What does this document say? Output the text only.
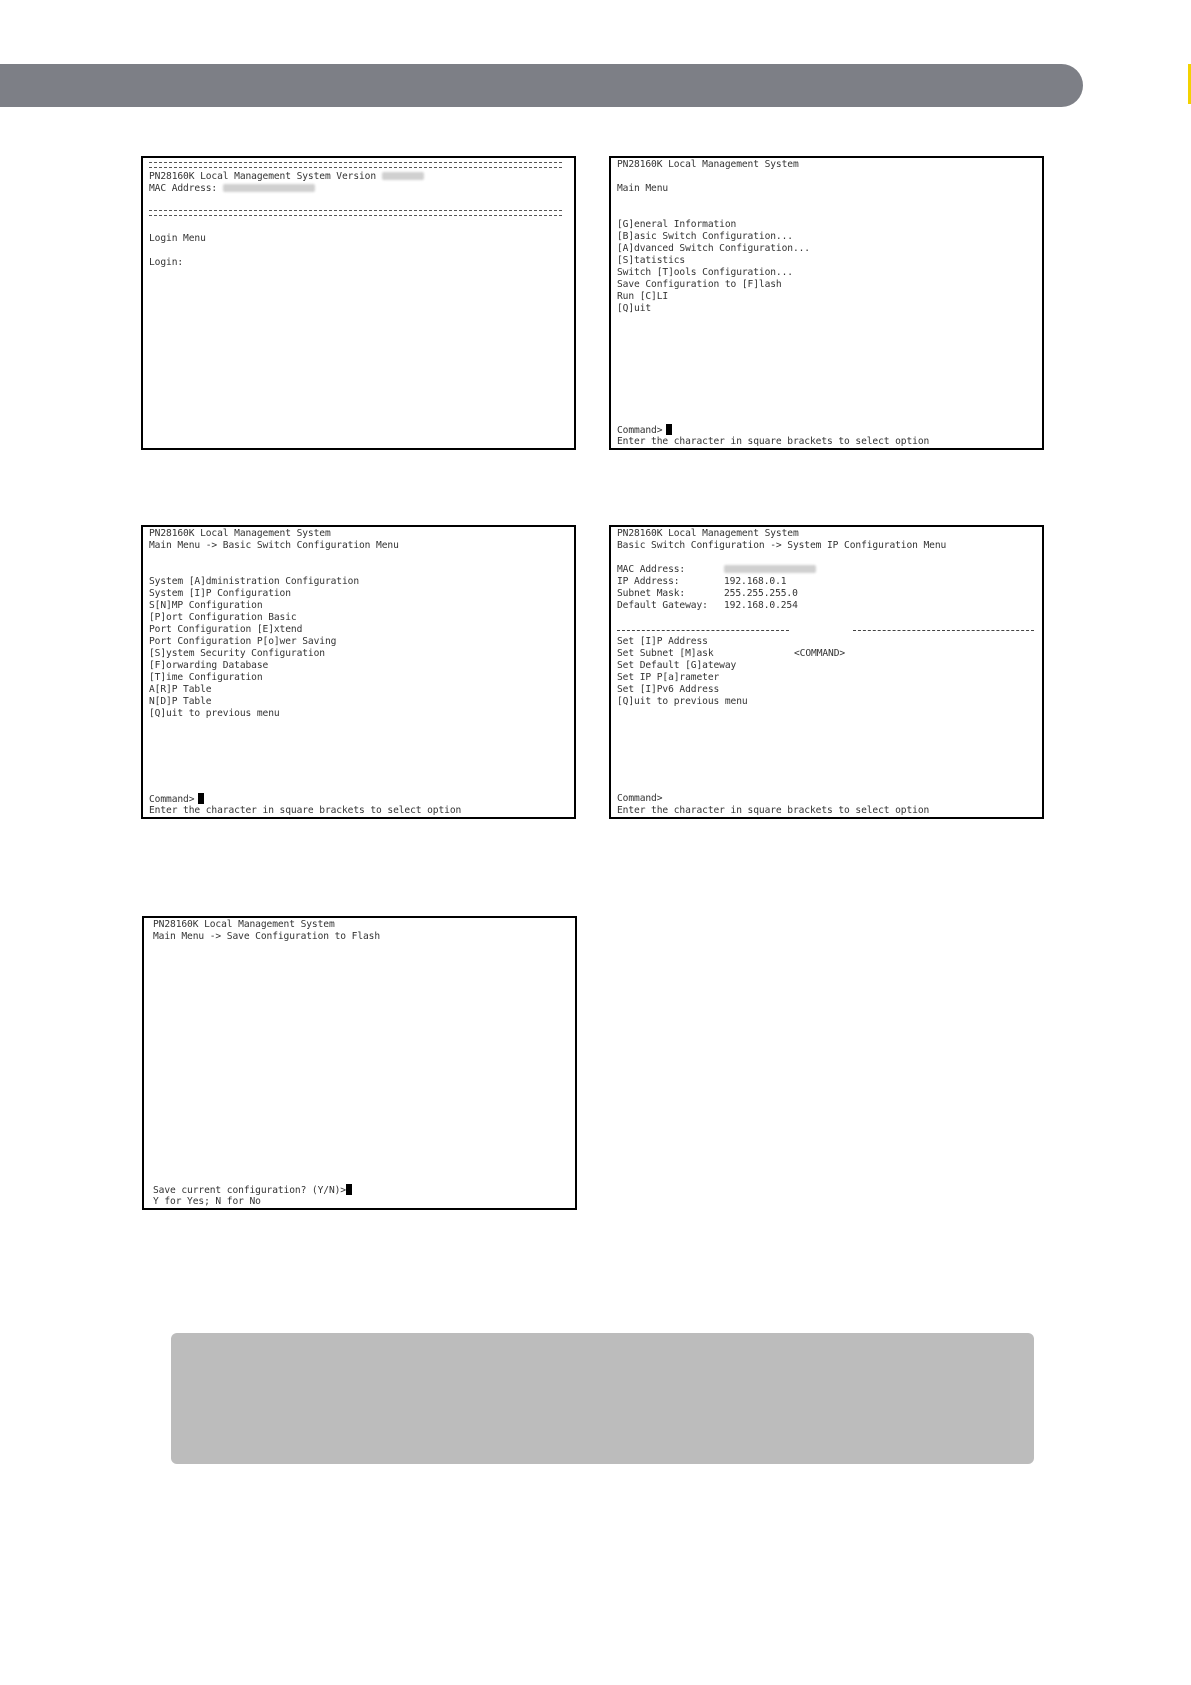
PN28160K Local Management System Version
MAC Address:
Login Menu
Login:
PN28160K Local Management System
Main Menu
[G]eneral Information
[B]asic Switch Configuration...
[A]dvanced Switch Configuration...
[S]tatistics
Switch [T]ools Configuration...
Save Configuration to [F]lash
Run [C]LI
[Q]uit
Command>
Enter the character in square brackets to select option
PN28160K Local Management System
Main Menu -> Basic Switch Configuration Menu
System [A]dministration Configuration
System [I]P Configuration
S[N]MP Configuration
[P]ort Configuration Basic
Port Configuration [E]xtend
Port Configuration P[o]wer Saving
[S]ystem Security Configuration
[F]orwarding Database
[T]ime Configuration
A[R]P Table
N[D]P Table
[Q]uit to previous menu
Command>
Enter the character in square brackets to select option
PN28160K Local Management System
Basic Switch Configuration -> System IP Configuration Menu
MAC Address:
IP Address:	192.168.0.1
Subnet Mask:	255.255.255.0
Default Gateway: 192.168.0.254

<COMMAND>

Set [I]P Address
Set Subnet [M]ask
Set Default [G]ateway
Set IP P[a]rameter
Set [I]Pv6 Address
[Q]uit to previous menu
Command>
Enter the character in square brackets to select option
PN28160K Local Management System
Main Menu -> Save Configuration to Flash
Save current configuration? (Y/N)>
Y for Yes; N for No
